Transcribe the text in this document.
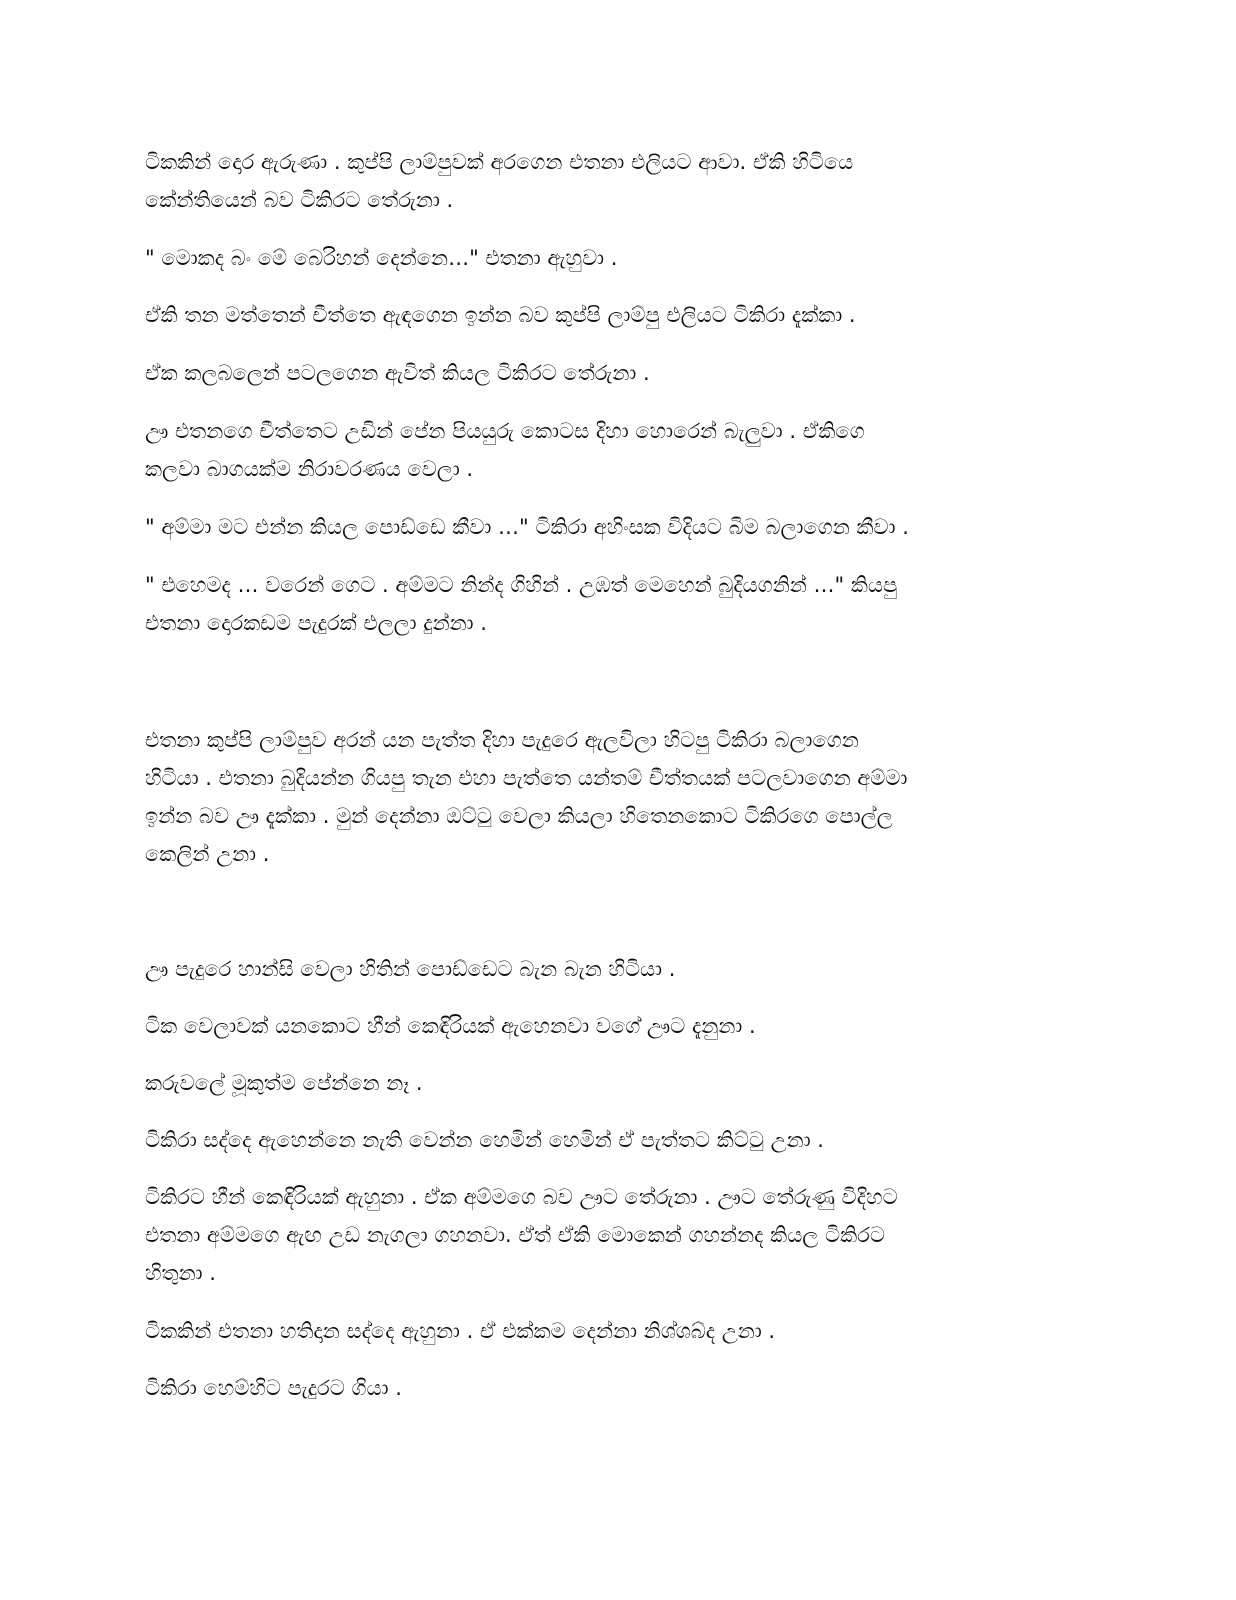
ටිකකින් දොර ඇරුණා . කුප්පි ලාම්පුවක් අරගෙන එතනා එලියට ආවා. ඒකි හිටියෙ
කේන්තියෙන් බව ටිකිරට තේරුනා .

" මොකද බං මේ බෙරිහන් දෙන්නෙ…" එතනා ඇහුවා .

ඒකි තන මත්තෙන් චීත්තෙ ඇඳගෙන ඉන්න බව කුප්පි ලාම්පු එලියට ටිකිරා දැක්කා .

ඒක කලබලෙන් පටලගෙන ඇවිත් කියල ටිකිරට තේරුනා .

ඌ එතනගෙ චීත්තෙට උඩින් පේන පියයුරු කොටස දිහා හොරෙන් බැලුවා . ඒකිගෙ
කලවා බාගයක්ම නිරාවරණය වෙලා .

" අම්මා මට එන්න කියල පොඩ්ඩෙ කීවා …" ටිකිරා අහිංසක විදියට බිම බලාගෙන කීවා .

" එහෙමද … වරෙන් ගෙට . අම්මට නින්ද ගිහින් . උඹත් මෙහෙන් බුදියගනින් …" කියපු
එතනා දොරකඩම පැදුරක් එලලා දුන්නා .

එතනා කුප්පි ලාම්පුව අරන් යන පැත්ත දිහා පැදුරෙ ඇලවිලා හිටපු ටිකිරා බලාගෙන
හිටියා . එතනා බුදියන්න ගියපු තැන එහා පැත්තෙ යන්තම් චීත්තයක් පටලවාගෙන අම්මා
ඉන්න බව ඌ දැක්කා . මුන් දෙන්නා ඔට්ටු වෙලා කියලා හිතෙනකොට ටිකිරගෙ පොල්ල
කෙලින් උනා .

ඌ පැදුරෙ හාන්සි වෙලා හිතින් පොඩ්ඩෙට බැන බැන හිටියා .

ටික වෙලාවක් යනකොට හීන් කෙඳිරියක් ඇහෙනවා වගේ ඌට දැනුනා .

කරුවලේ මූකුත්ම පේන්නෙ නෑ .

ටිකිරා සද්දෙ ඇහෙන්නෙ නැති වෙන්න හෙමින් හෙමින් ඒ පැත්තට කිට්ටු උනා .

ටිකිරට හීන් කෙඳිරියක් ඇහුනා . ඒක අම්මගෙ බව ඌට තේරුනා . ඌට තේරුණු විදිහට
එතනා අම්මගෙ ඇඟ උඩ නැගලා ගහනවා. ඒත් ඒකි මොකෙන් ගහන්නද කියල ටිකිරට
හිතුනා .

ටිකකින් එතනා හතිදාන සද්දෙ ඇහුනා . ඒ එක්කම දෙන්නා නිශ්ශබ්ද උනා .

ටිකිරා හෙම්හිට පැදුරට ගියා .
